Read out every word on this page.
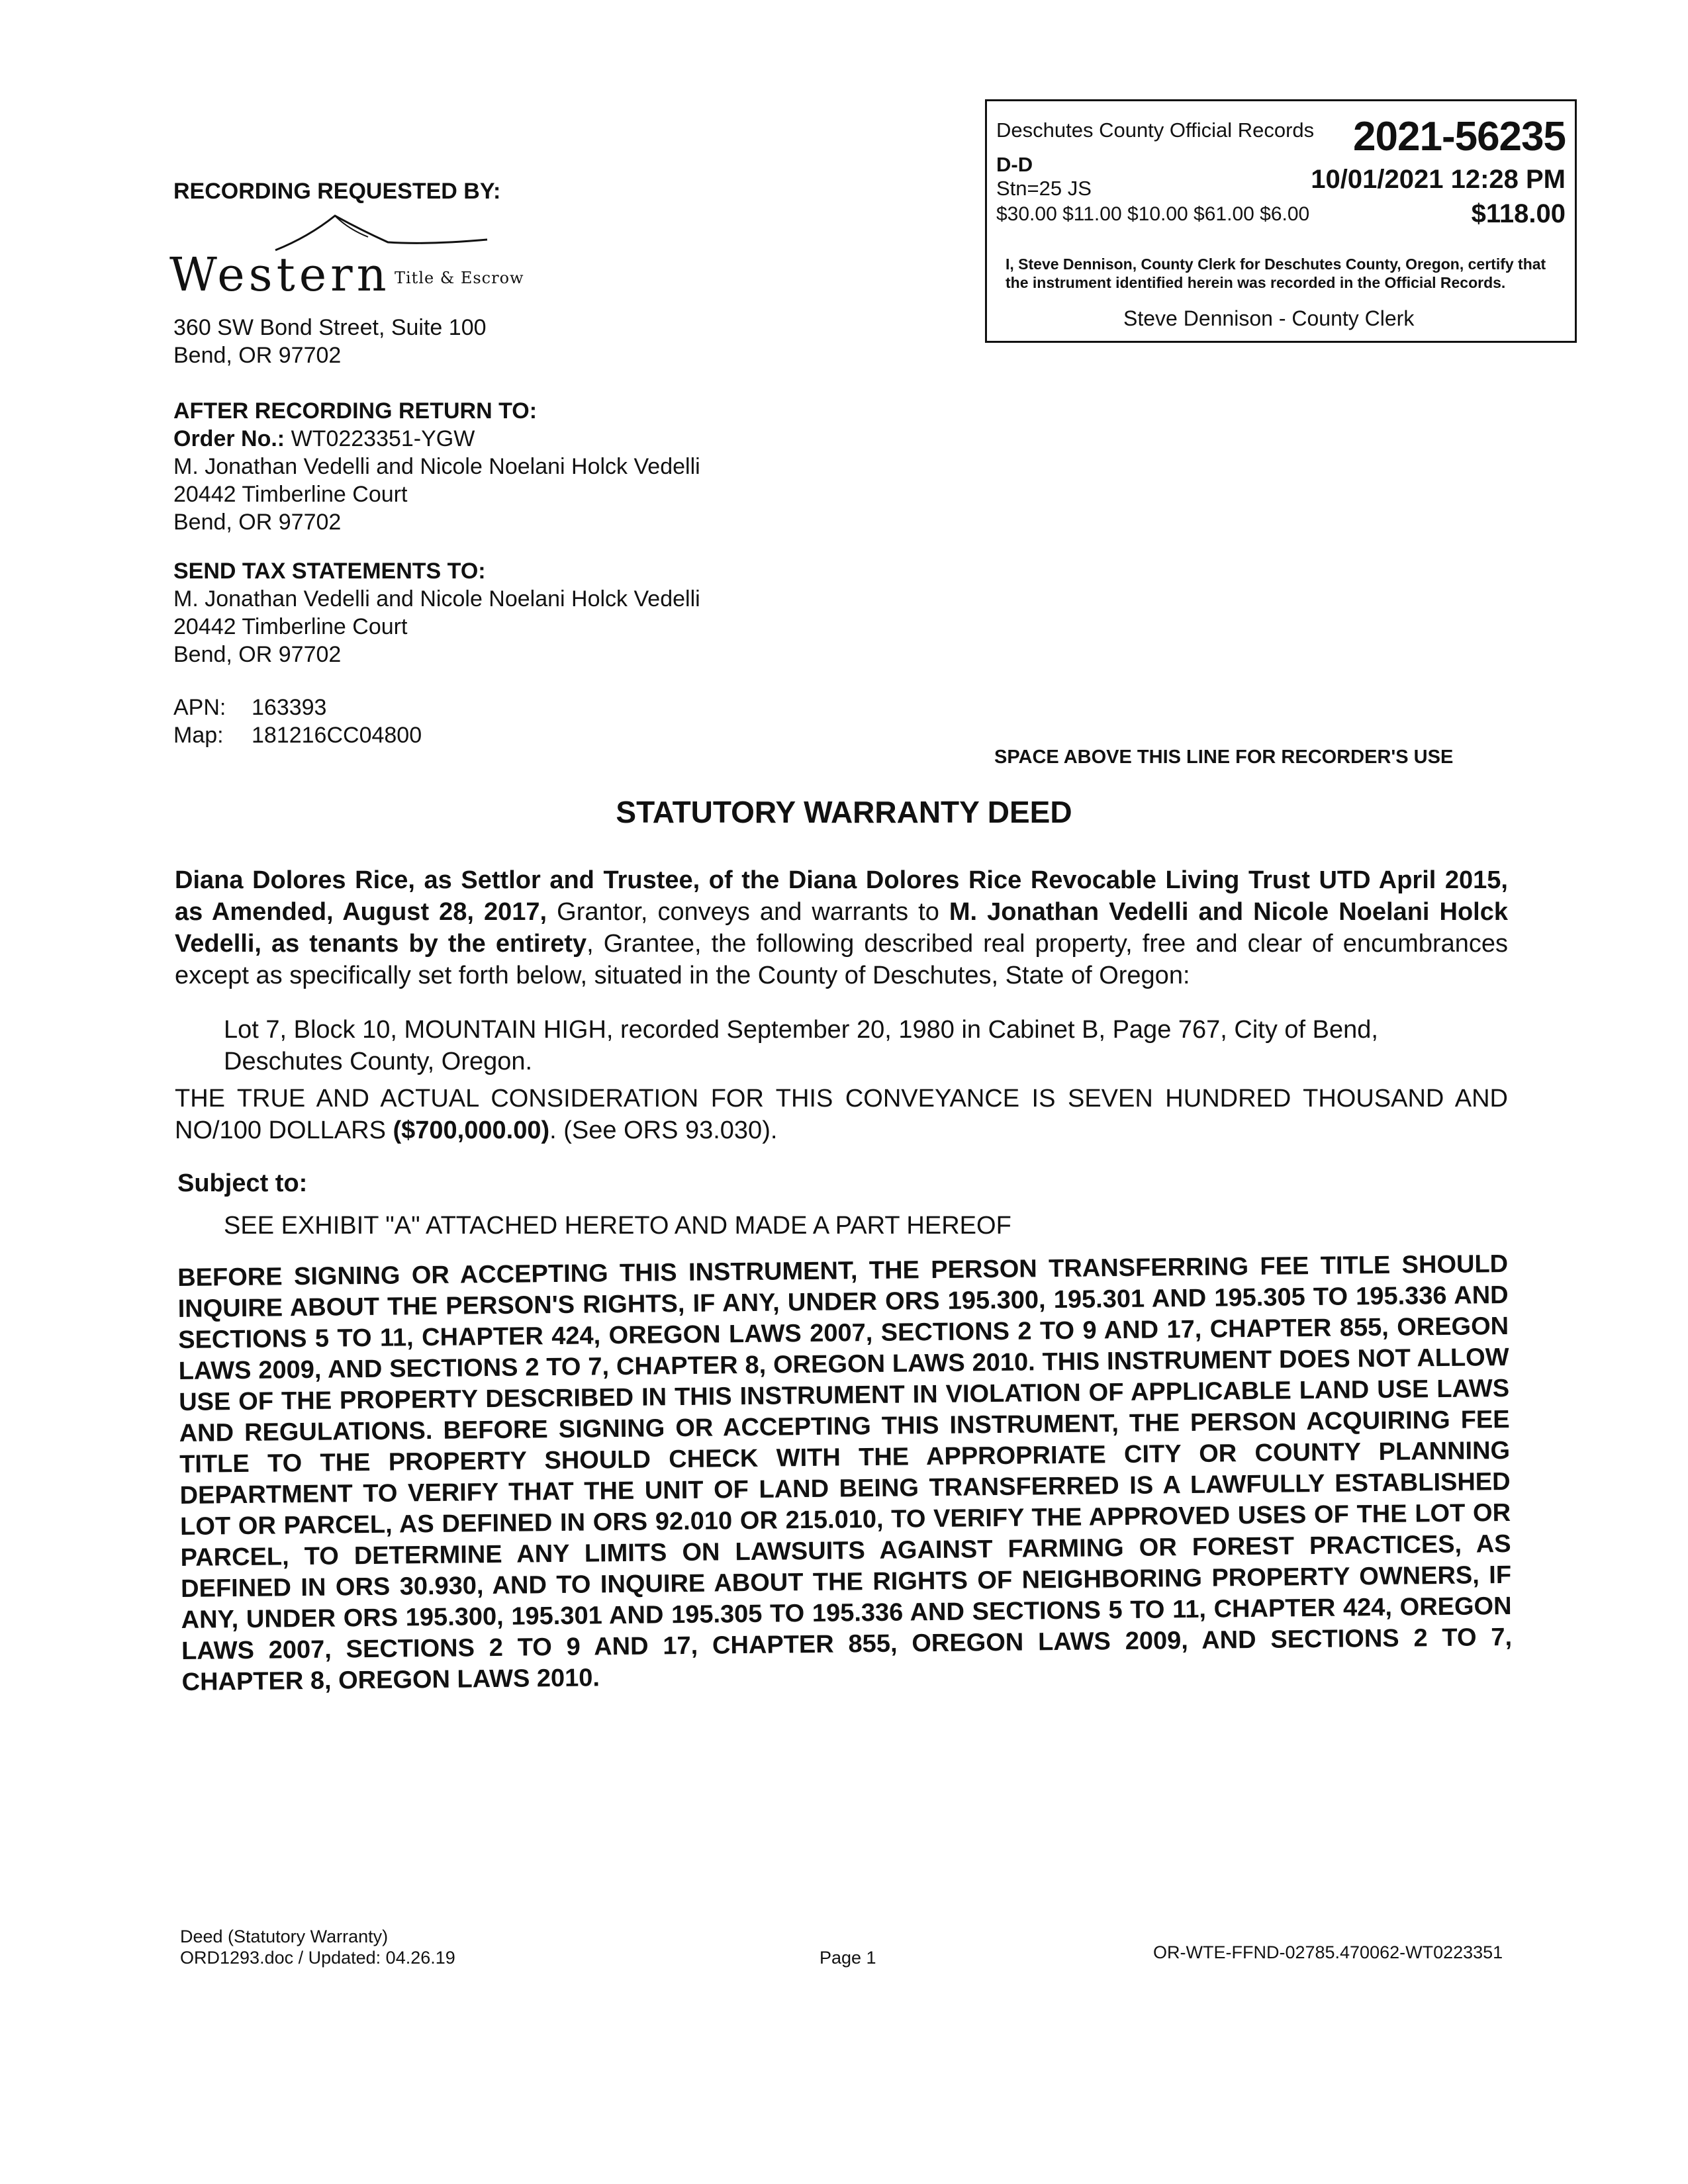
Deschutes County Official Records 2021-56235
D-D
Stn=25 JS	10/01/2021 12:28 PM
$30.00 $11.00 $10.00 $61.00 $6.00	$118.00
I, Steve Dennison, County Clerk for Deschutes County, Oregon, certify that the instrument identified herein was recorded in the Official Records.
Steve Dennison - County Clerk
RECORDING REQUESTED BY:
Western Title & Escrow
360 SW Bond Street, Suite 100
Bend, OR 97702
AFTER RECORDING RETURN TO:
Order No.: WT0223351-YGW
M. Jonathan Vedelli and Nicole Noelani Holck Vedelli
20442 Timberline Court
Bend, OR 97702
SEND TAX STATEMENTS TO:
M. Jonathan Vedelli and Nicole Noelani Holck Vedelli
20442 Timberline Court
Bend, OR 97702
APN: 163393
Map: 181216CC04800
SPACE ABOVE THIS LINE FOR RECORDER'S USE
STATUTORY WARRANTY DEED
Diana Dolores Rice, as Settlor and Trustee, of the Diana Dolores Rice Revocable Living Trust UTD April 2015, as Amended, August 28, 2017, Grantor, conveys and warrants to M. Jonathan Vedelli and Nicole Noelani Holck Vedelli, as tenants by the entirety, Grantee, the following described real property, free and clear of encumbrances except as specifically set forth below, situated in the County of Deschutes, State of Oregon:
Lot 7, Block 10, MOUNTAIN HIGH, recorded September 20, 1980 in Cabinet B, Page 767, City of Bend, Deschutes County, Oregon.
THE TRUE AND ACTUAL CONSIDERATION FOR THIS CONVEYANCE IS SEVEN HUNDRED THOUSAND AND NO/100 DOLLARS ($700,000.00). (See ORS 93.030).
Subject to:
SEE EXHIBIT "A" ATTACHED HERETO AND MADE A PART HEREOF
BEFORE SIGNING OR ACCEPTING THIS INSTRUMENT, THE PERSON TRANSFERRING FEE TITLE SHOULD INQUIRE ABOUT THE PERSON'S RIGHTS, IF ANY, UNDER ORS 195.300, 195.301 AND 195.305 TO 195.336 AND SECTIONS 5 TO 11, CHAPTER 424, OREGON LAWS 2007, SECTIONS 2 TO 9 AND 17, CHAPTER 855, OREGON LAWS 2009, AND SECTIONS 2 TO 7, CHAPTER 8, OREGON LAWS 2010. THIS INSTRUMENT DOES NOT ALLOW USE OF THE PROPERTY DESCRIBED IN THIS INSTRUMENT IN VIOLATION OF APPLICABLE LAND USE LAWS AND REGULATIONS. BEFORE SIGNING OR ACCEPTING THIS INSTRUMENT, THE PERSON ACQUIRING FEE TITLE TO THE PROPERTY SHOULD CHECK WITH THE APPROPRIATE CITY OR COUNTY PLANNING DEPARTMENT TO VERIFY THAT THE UNIT OF LAND BEING TRANSFERRED IS A LAWFULLY ESTABLISHED LOT OR PARCEL, AS DEFINED IN ORS 92.010 OR 215.010, TO VERIFY THE APPROVED USES OF THE LOT OR PARCEL, TO DETERMINE ANY LIMITS ON LAWSUITS AGAINST FARMING OR FOREST PRACTICES, AS DEFINED IN ORS 30.930, AND TO INQUIRE ABOUT THE RIGHTS OF NEIGHBORING PROPERTY OWNERS, IF ANY, UNDER ORS 195.300, 195.301 AND 195.305 TO 195.336 AND SECTIONS 5 TO 11, CHAPTER 424, OREGON LAWS 2007, SECTIONS 2 TO 9 AND 17, CHAPTER 855, OREGON LAWS 2009, AND SECTIONS 2 TO 7, CHAPTER 8, OREGON LAWS 2010.
Deed (Statutory Warranty)
ORD1293.doc / Updated: 04.26.19	Page 1	OR-WTE-FFND-02785.470062-WT0223351
